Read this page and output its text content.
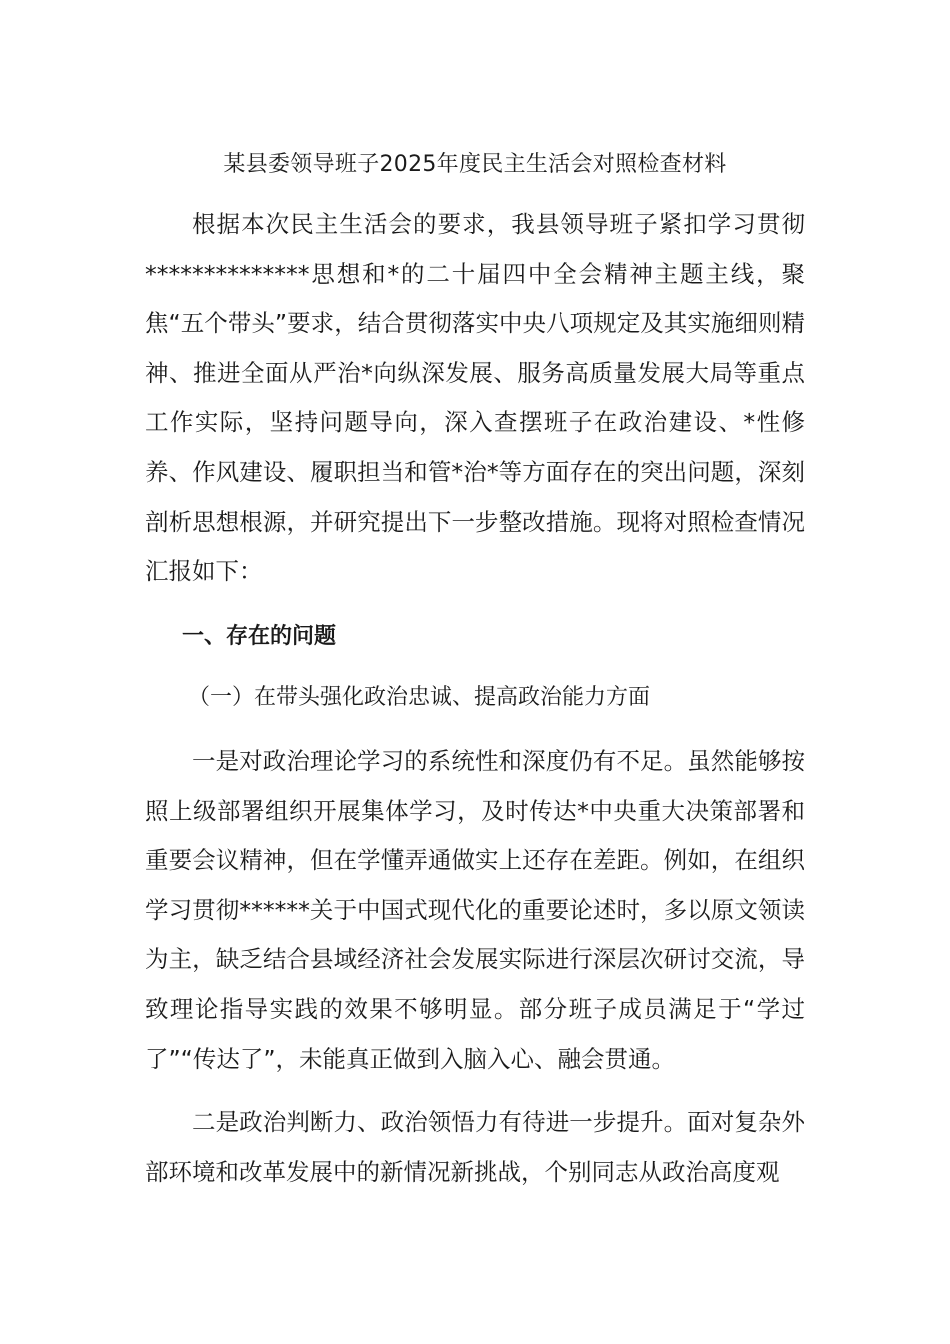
某县委领导班子2025年度民主生活会对照检查材料

根据本次民主生活会的要求，我县领导班子紧扣学习贯彻**************思想和*的二十届四中全会精神主题主线，聚焦“五个带头”要求，结合贯彻落实中央八项规定及其实施细则精神、推进全面从严治*向纵深发展、服务高质量发展大局等重点工作实际，坚持问题导向，深入查摆班子在政治建设、*性修养、作风建设、履职担当和管*治*等方面存在的突出问题，深刻剖析思想根源，并研究提出下一步整改措施。现将对照检查情况汇报如下：

一、存在的问题
（一）在带头强化政治忠诚、提高政治能力方面

一是对政治理论学习的系统性和深度仍有不足。虽然能够按照上级部署组织开展集体学习，及时传达*中央重大决策部署和重要会议精神，但在学懂弄通做实上还存在差距。例如，在组织学习贯彻******关于中国式现代化的重要论述时，多以原文领读为主，缺乏结合县域经济社会发展实际进行深层次研讨交流，导致理论指导实践的效果不够明显。部分班子成员满足于“学过了”“传达了”，未能真正做到入脑入心、融会贯通。

二是政治判断力、政治领悟力有待进一步提升。面对复杂外部环境和改革发展中的新情况新挑战，个别同志从政治高度观
